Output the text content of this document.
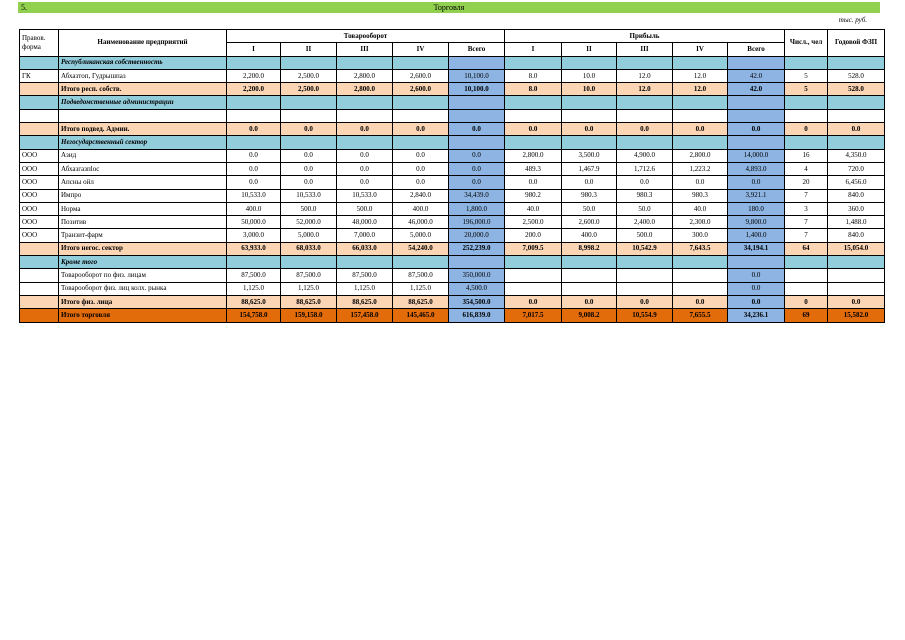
5.	Торговля
тыс. руб.
Правов. форма	Наименование предприятий	Товарооборот					Прибыль					Числ., чел	Годовой ФЗП
		I	II	III	IV	Всего	I	II	III	IV	Всего		
	Республиканская собственность												
ГК	Абхазтоп, Гудрышпаз	2,200.0	2,500.0	2,800.0	2,600.0	10,100.0	8.0	10.0	12.0	12.0	42.0	5	528.0
	Итого респ. собств.	2,200.0	2,500.0	2,800.0	2,600.0	10,100.0	8.0	10.0	12.0	12.0	42.0	5	528.0
	Подведомственные администрации												

	Итого подвед. Админ.	0.0	0.0	0.0	0.0	0.0	0.0	0.0	0.0	0.0	0.0	0	0.0
	Негосударственный сектор												
ООО	Азид	0.0	0.0	0.0	0.0	0.0	2,800.0	3,500.0	4,900.0	2,800.0	14,000.0	16	4,350.0
ООО	Абхазгазпloс	0.0	0.0	0.0	0.0	0.0	489.3	1,467.9	1,712.6	1,223.2	4,893.0	4	720.0
ООО	Апсны ойл	0.0	0.0	0.0	0.0	0.0	0.0	0.0	0.0	0.0	0.0	20	6,456.0
ООО	Импро	10,533.0	10,533.0	10,533.0	2,840.0	34,439.0	980.2	980.3	980.3	980.3	3,921.1	7	840.0
ООО	Норма	400.0	500.0	500.0	400.0	1,800.0	40.0	50.0	50.0	40.0	180.0	3	360.0
ООО	Позитив	50,000.0	52,000.0	48,000.0	46,000.0	196,000.0	2,500.0	2,600.0	2,400.0	2,300.0	9,800.0	7	1,488.0
ООО	Транзит-фарм	3,000.0	5,000.0	7,000.0	5,000.0	20,000.0	200.0	400.0	500.0	300.0	1,400.0	7	840.0
	Итого негос. сектор	63,933.0	68,033.0	66,033.0	54,240.0	252,239.0	7,009.5	8,998.2	10,542.9	7,643.5	34,194.1	64	15,054.0
	Кроме того												
	Товарооборот по физ. лицам	87,500.0	87,500.0	87,500.0	87,500.0	350,000.0					0.0		
	Товарооборот физ. лиц колх. рынка	1,125.0	1,125.0	1,125.0	1,125.0	4,500.0					0.0		
	Итого физ. лица	88,625.0	88,625.0	88,625.0	88,625.0	354,500.0	0.0	0.0	0.0	0.0	0.0	0	0.0
	Итого торговля	154,758.0	159,158.0	157,458.0	145,465.0	616,839.0	7,017.5	9,008.2	10,554.9	7,655.5	34,236.1	69	15,582.0
